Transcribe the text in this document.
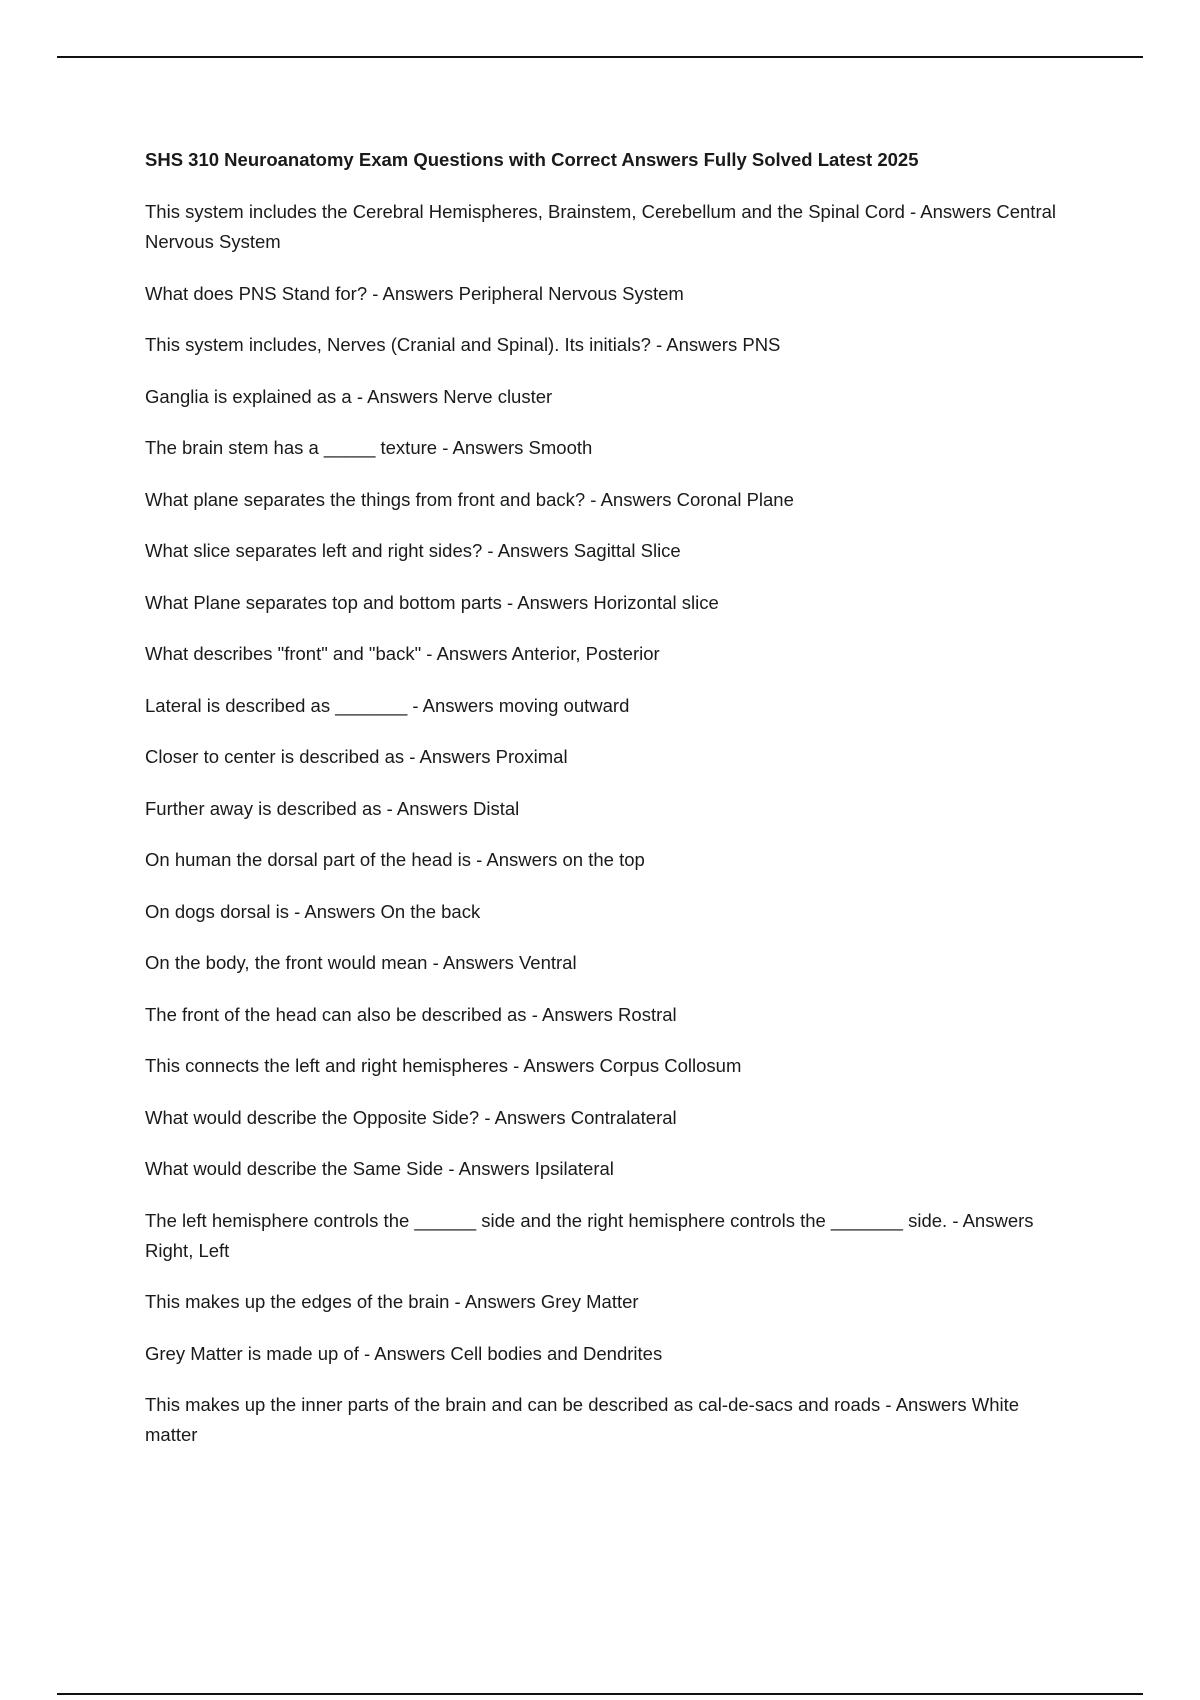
SHS 310 Neuroanatomy Exam Questions with Correct Answers Fully Solved Latest 2025
This system includes the Cerebral Hemispheres, Brainstem, Cerebellum and the Spinal Cord - Answers Central Nervous System
What does PNS Stand for? - Answers Peripheral Nervous System
This system includes, Nerves (Cranial and Spinal). Its initials? - Answers PNS
Ganglia is explained as a - Answers Nerve cluster
The brain stem has a _____ texture - Answers Smooth
What plane separates the things from front and back? - Answers Coronal Plane
What slice separates left and right sides? - Answers Sagittal Slice
What Plane separates top and bottom parts - Answers Horizontal slice
What describes "front" and "back" - Answers Anterior, Posterior
Lateral is described as _______ - Answers moving outward
Closer to center is described as - Answers Proximal
Further away is described as - Answers Distal
On human the dorsal part of the head is - Answers on the top
On dogs dorsal is - Answers On the back
On the body, the front would mean - Answers Ventral
The front of the head can also be described as - Answers Rostral
This connects the left and right hemispheres - Answers Corpus Collosum
What would describe the Opposite Side? - Answers Contralateral
What would describe the Same Side - Answers Ipsilateral
The left hemisphere controls the ______ side and the right hemisphere controls the _______ side. - Answers Right, Left
This makes up the edges of the brain - Answers Grey Matter
Grey Matter is made up of - Answers Cell bodies and Dendrites
This makes up the inner parts of the brain and can be described as cal-de-sacs and roads - Answers White matter
